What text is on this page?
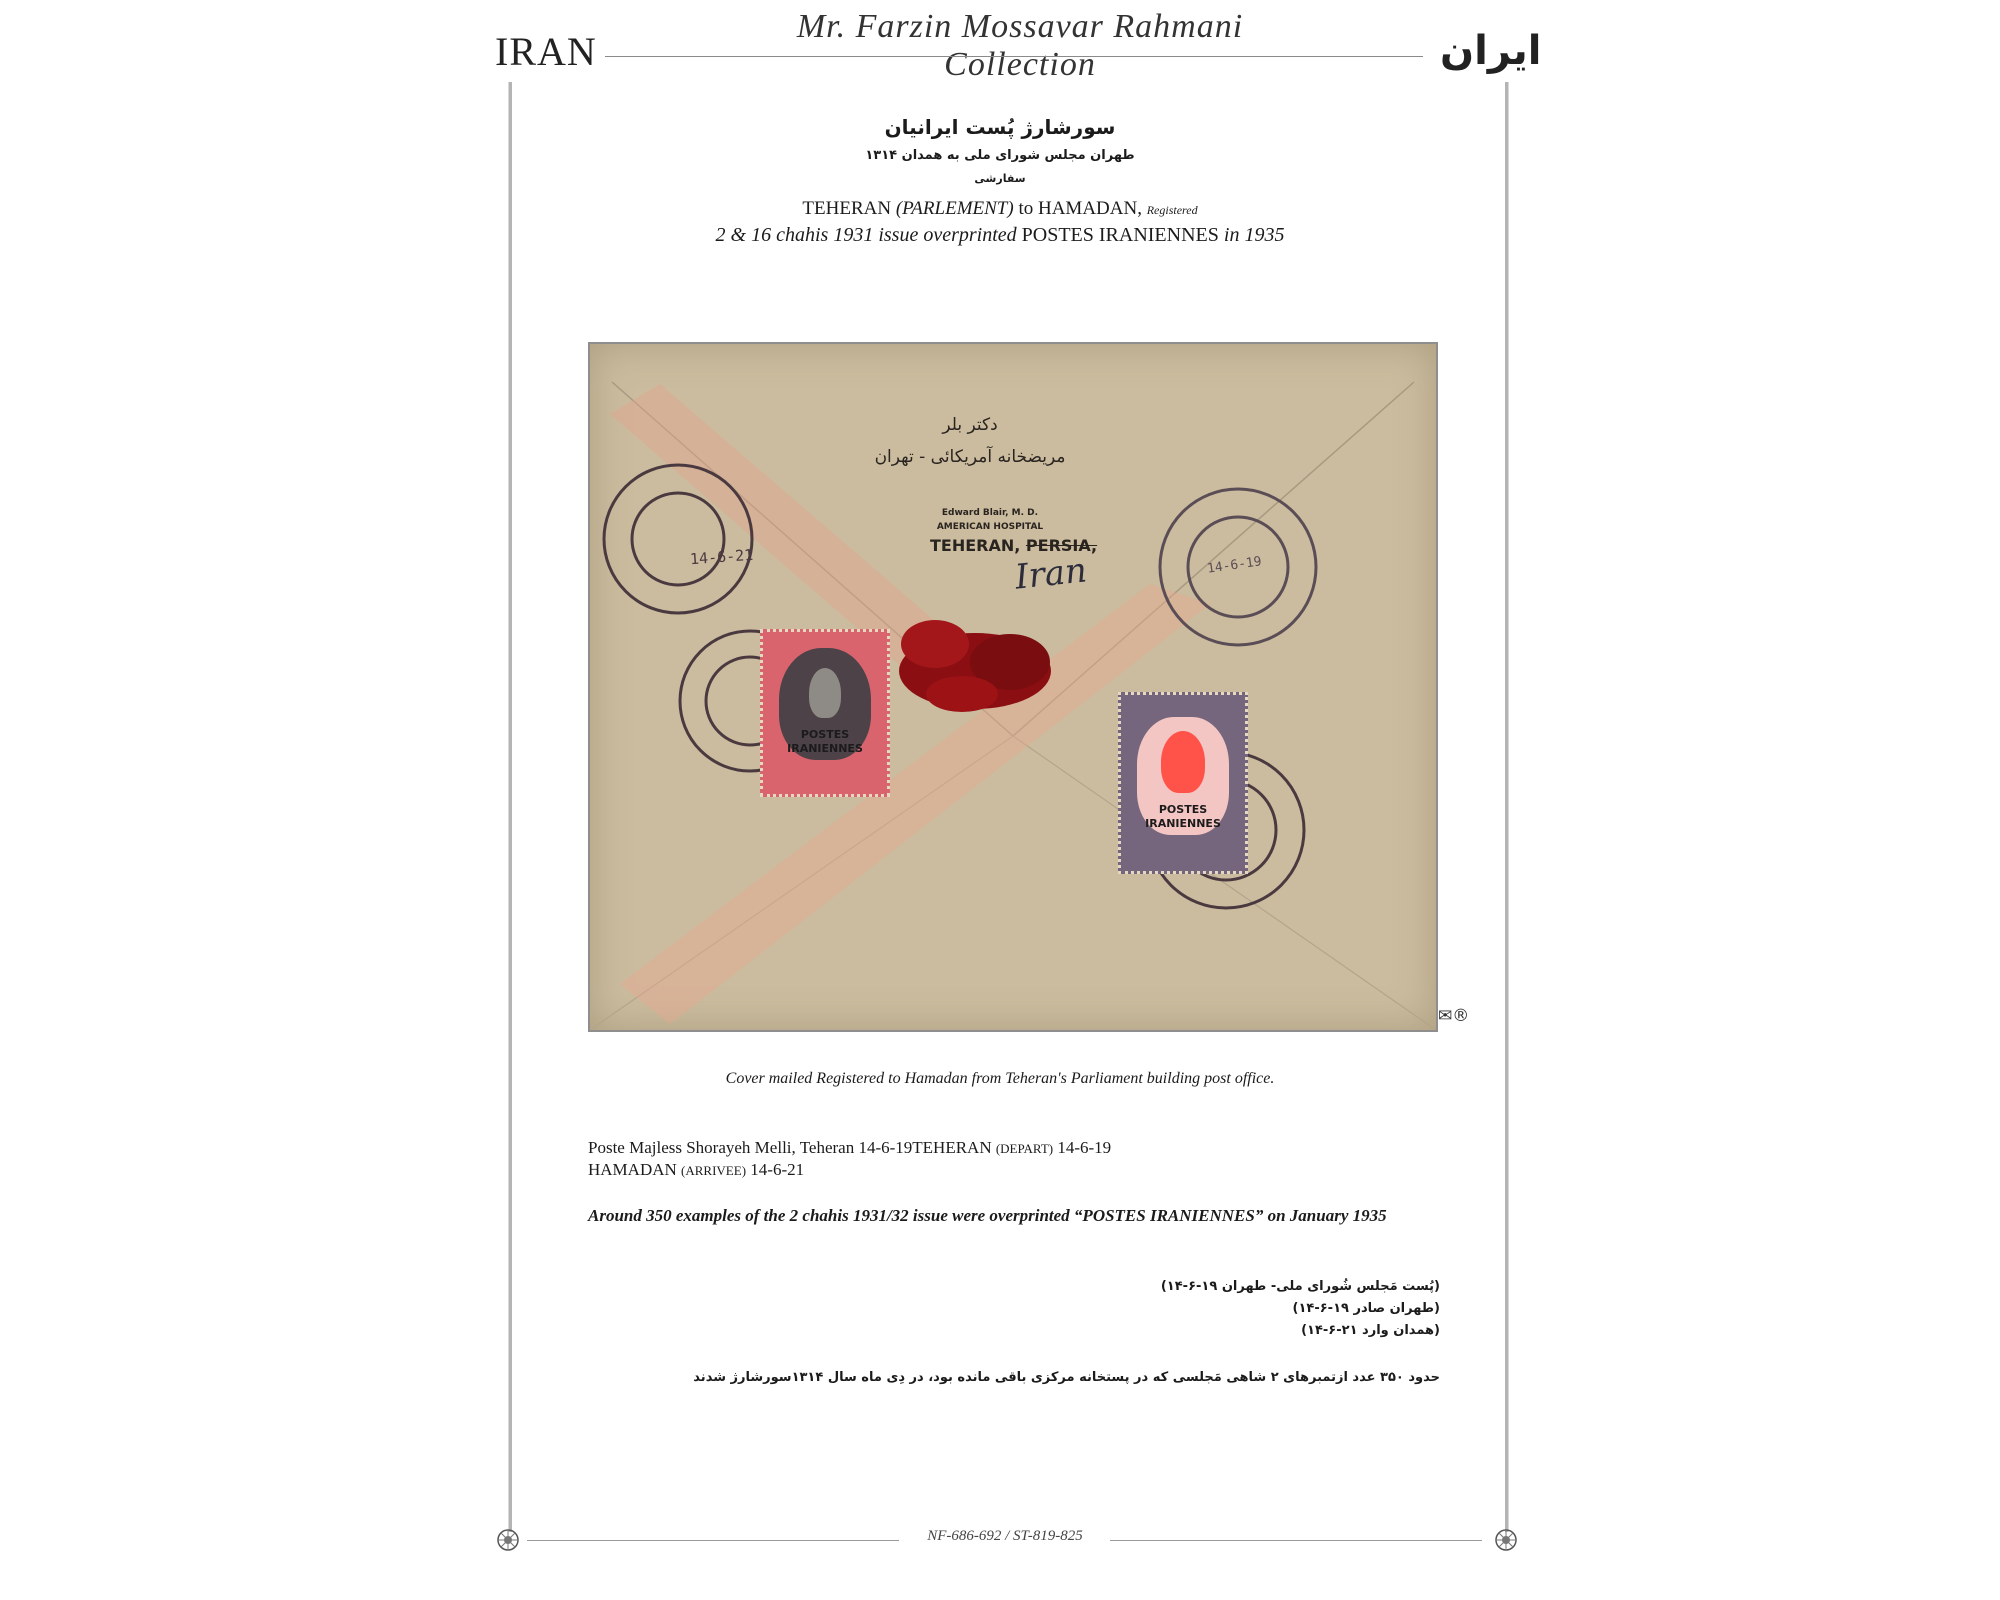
IRAN
Mr. Farzin Mossavar Rahmani Collection	ایران
سورشارژ پُست ایرانیان
طهران مجلس شورای ملی به همدان ۱۳۱۴
سفارشی
TEHERAN (PARLEMENT) to HAMADAN, Registered
2 & 16 chahis 1931 issue overprinted POSTES IRANIENNES in 1935
14-6-21	14-6-19
دکتر بلر
مریضخانه آمریکائی - تهران
Edward Blair, M. D.
AMERICAN HOSPITAL
TEHERAN, PERSIA,
Iran
POSTES
IRANIENNES
POSTES
IRANIENNES
✉®
Cover mailed Registered to Hamadan from Teheran's Parliament building post office.
Poste Majless Shorayeh Melli, Teheran 14-6-19TEHERAN (DEPART) 14-6-19
HAMADAN (ARRIVEE) 14-6-21
Around 350 examples of the 2 chahis 1931/32 issue were overprinted “POSTES IRANIENNES” on January 1935
(پُست مَجلس شُورای ملی- طهران ۱۹-۶-۱۴)
(طهران صادر ۱۹-۶-۱۴)
(همدان وارد ۲۱-۶-۱۴)
حدود ۳۵۰ عدد ازتمبرهای ۲ شاهی مَجلسی که در پستخانه مرکزی باقی مانده بود، در دِی ماه سال ۱۳۱۴سورشارژ شدند
NF-686-692 / ST-819-825
